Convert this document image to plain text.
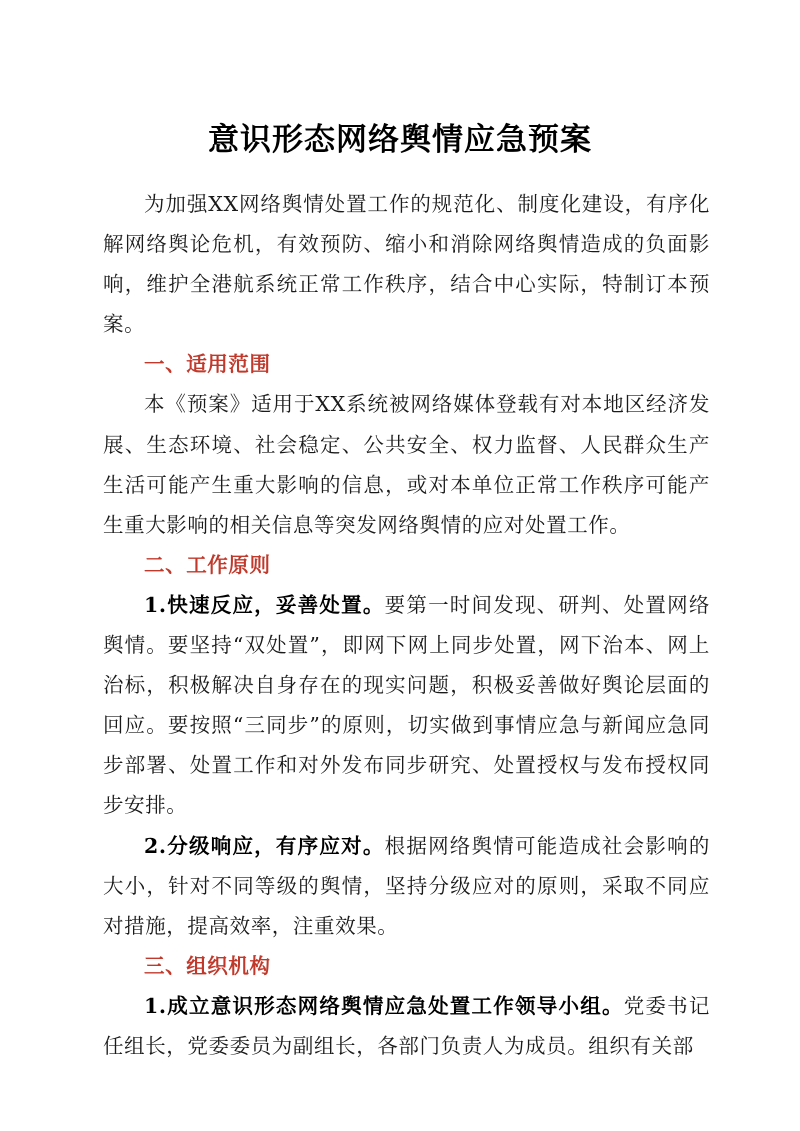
意识形态网络舆情应急预案

为加强XX网络舆情处置工作的规范化、制度化建设，有序化解网络舆论危机，有效预防、缩小和消除网络舆情造成的负面影响，维护全港航系统正常工作秩序，结合中心实际，特制订本预案。

一、适用范围

本《预案》适用于XX系统被网络媒体登载有对本地区经济发展、生态环境、社会稳定、公共安全、权力监督、人民群众生产生活可能产生重大影响的信息，或对本单位正常工作秩序可能产生重大影响的相关信息等突发网络舆情的应对处置工作。

二、工作原则

1.快速反应，妥善处置。要第一时间发现、研判、处置网络舆情。要坚持“双处置”，即网下网上同步处置，网下治本、网上治标，积极解决自身存在的现实问题，积极妥善做好舆论层面的回应。要按照“三同步”的原则，切实做到事情应急与新闻应急同步部署、处置工作和对外发布同步研究、处置授权与发布授权同步安排。

2.分级响应，有序应对。根据网络舆情可能造成社会影响的大小，针对不同等级的舆情，坚持分级应对的原则，采取不同应对措施，提高效率，注重效果。

三、组织机构

1.成立意识形态网络舆情应急处置工作领导小组。党委书记任组长，党委委员为副组长，各部门负责人为成员。组织有关部
